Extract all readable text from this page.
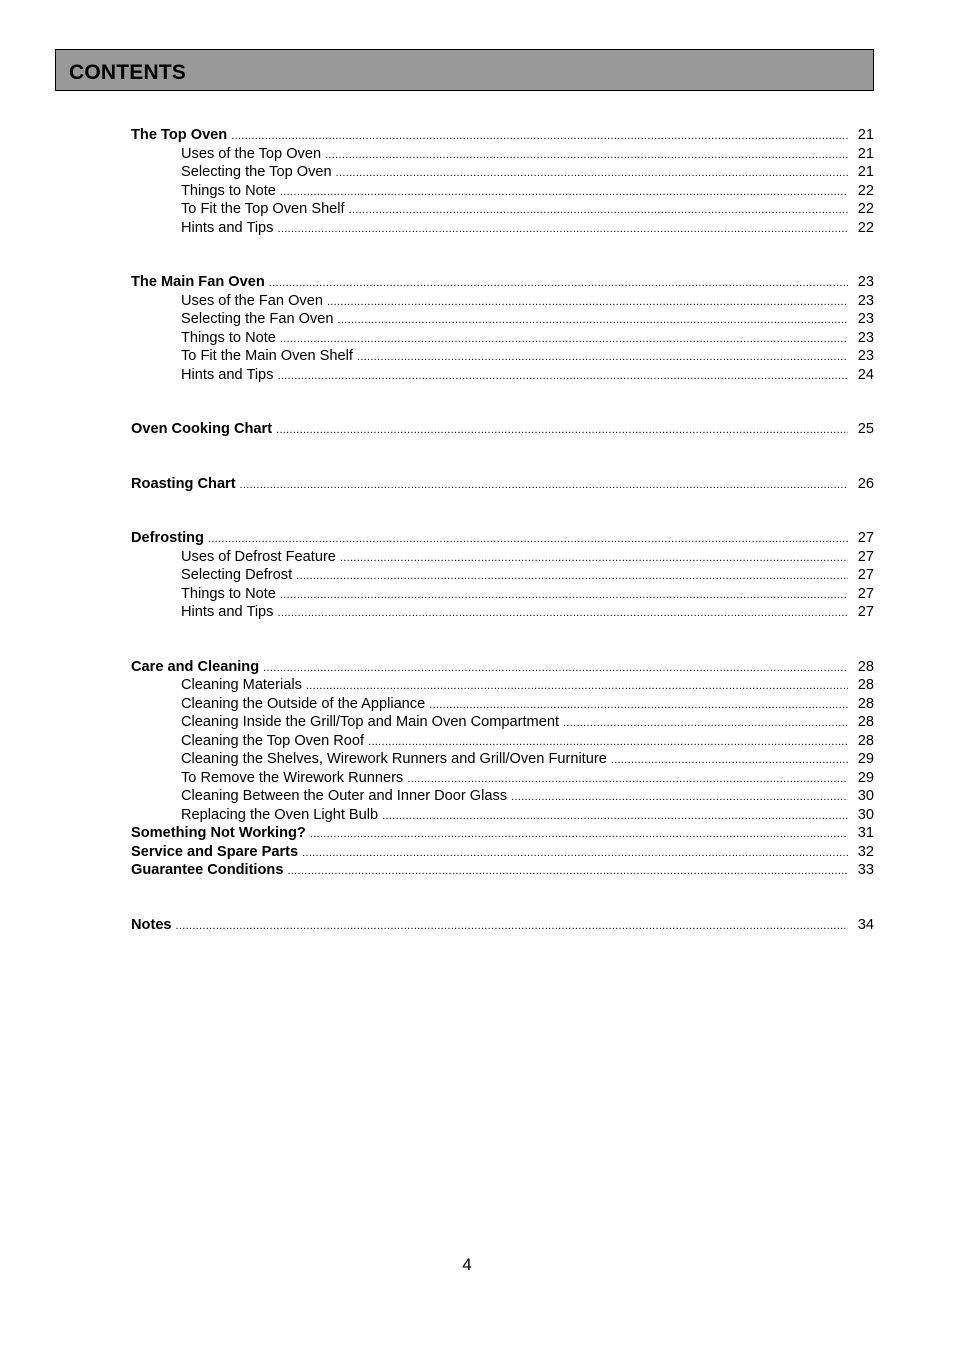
CONTENTS
The Top Oven .....	21
Uses of the Top Oven .....	21
Selecting the Top Oven .....	21
Things to Note .....	22
To Fit the Top Oven Shelf .....	22
Hints and Tips .....	22
The Main Fan Oven .....	23
Uses of the Fan Oven .....	23
Selecting the Fan Oven .....	23
Things to Note .....	23
To Fit the Main Oven Shelf .....	23
Hints and Tips .....	24
Oven Cooking Chart .....	25
Roasting Chart .....	26
Defrosting .....	27
Uses of Defrost Feature .....	27
Selecting Defrost .....	27
Things to Note .....	27
Hints and Tips .....	27
Care and Cleaning .....	28
Cleaning Materials .....	28
Cleaning the Outside of the Appliance .....	28
Cleaning Inside the Grill/Top and Main Oven Compartment .....	28
Cleaning the Top Oven Roof .....	28
Cleaning the Shelves, Wirework Runners and Grill/Oven Furniture .....	29
To Remove the Wirework Runners .....	29
Cleaning Between the Outer and Inner Door Glass .....	30
Replacing the Oven Light Bulb .....	30
Something Not Working? .....	31
Service and Spare Parts .....	32
Guarantee Conditions .....	33
Notes .....	34
4
